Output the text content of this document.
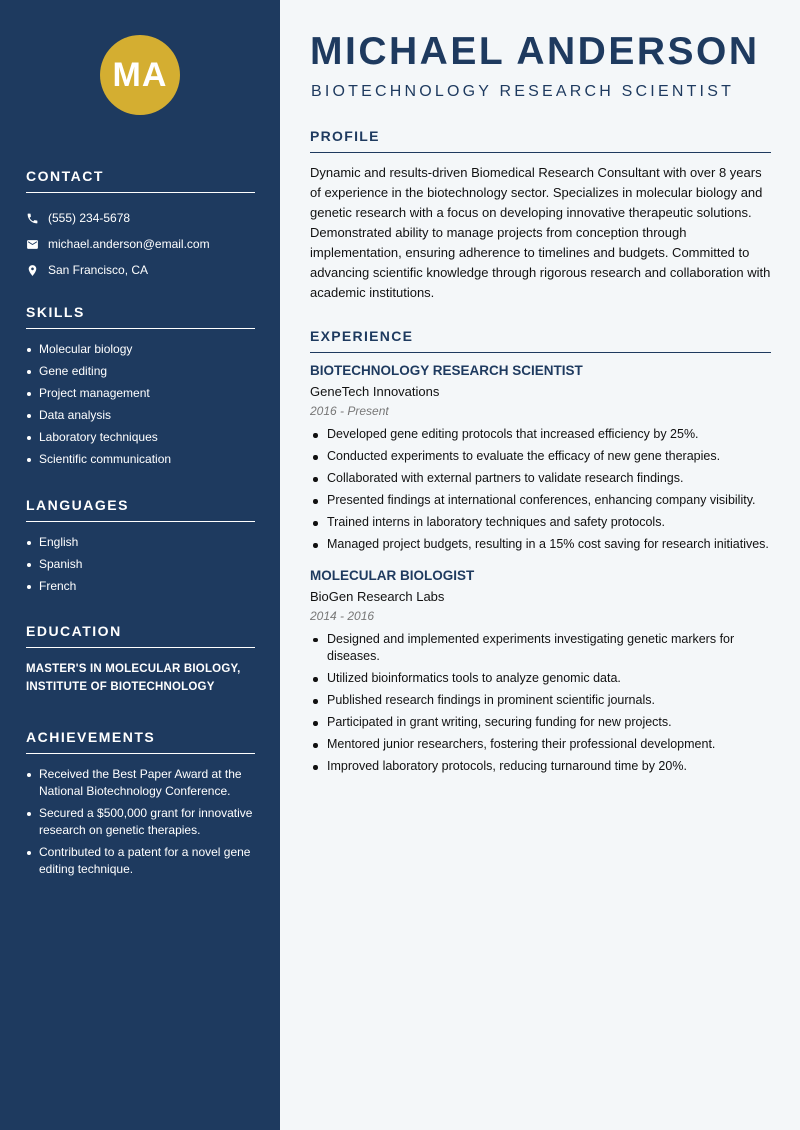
MA
CONTACT
(555) 234-5678
michael.anderson@email.com
San Francisco, CA
SKILLS
Molecular biology
Gene editing
Project management
Data analysis
Laboratory techniques
Scientific communication
LANGUAGES
English
Spanish
French
EDUCATION
MASTER'S IN MOLECULAR BIOLOGY, INSTITUTE OF BIOTECHNOLOGY
ACHIEVEMENTS
Received the Best Paper Award at the National Biotechnology Conference.
Secured a $500,000 grant for innovative research on genetic therapies.
Contributed to a patent for a novel gene editing technique.
MICHAEL ANDERSON
BIOTECHNOLOGY RESEARCH SCIENTIST
PROFILE

Dynamic and results-driven Biomedical Research Consultant with over 8 years of experience in the biotechnology sector. Specializes in molecular biology and genetic research with a focus on developing innovative therapeutic solutions. Demonstrated ability to manage projects from conception through implementation, ensuring adherence to timelines and budgets. Committed to advancing scientific knowledge through rigorous research and collaboration with academic institutions.

EXPERIENCE
BIOTECHNOLOGY RESEARCH SCIENTIST
GeneTech Innovations
2016 - Present
Developed gene editing protocols that increased efficiency by 25%.
Conducted experiments to evaluate the efficacy of new gene therapies.
Collaborated with external partners to validate research findings.
Presented findings at international conferences, enhancing company visibility.
Trained interns in laboratory techniques and safety protocols.
Managed project budgets, resulting in a 15% cost saving for research initiatives.
MOLECULAR BIOLOGIST
BioGen Research Labs
2014 - 2016
Designed and implemented experiments investigating genetic markers for diseases.
Utilized bioinformatics tools to analyze genomic data.
Published research findings in prominent scientific journals.
Participated in grant writing, securing funding for new projects.
Mentored junior researchers, fostering their professional development.
Improved laboratory protocols, reducing turnaround time by 20%.
